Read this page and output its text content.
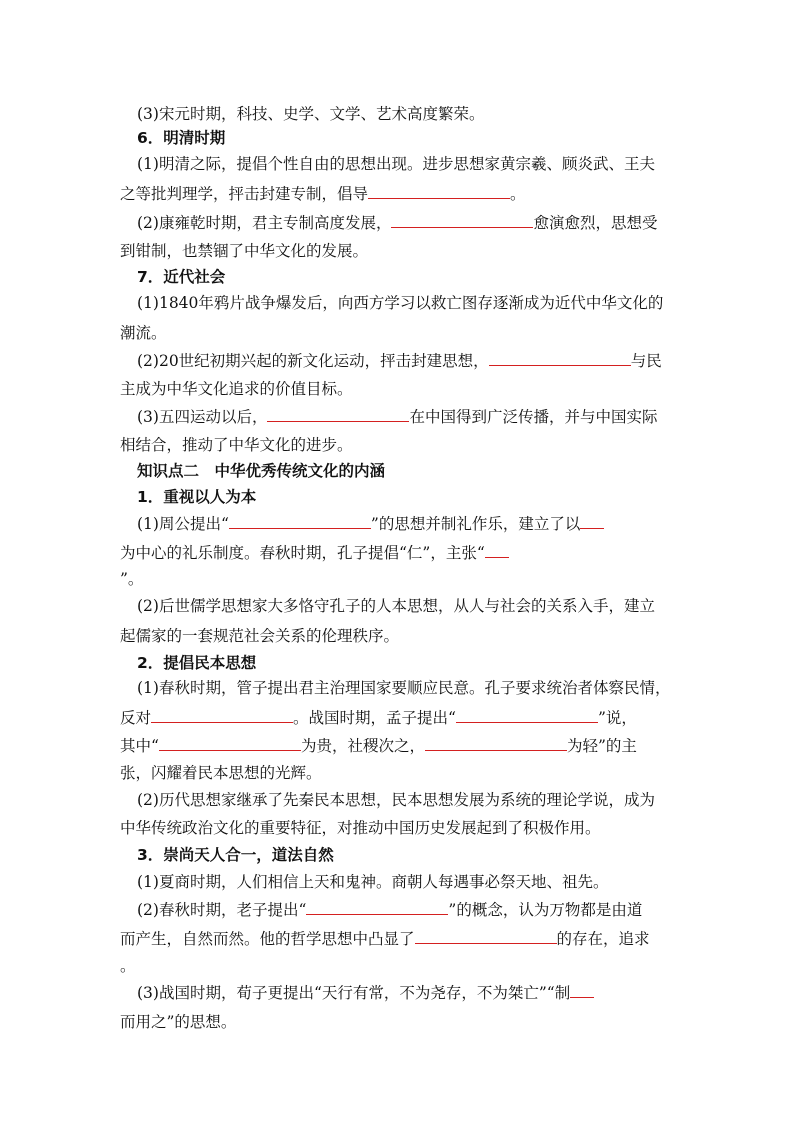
(3)宋元时期，科技、史学、文学、艺术高度繁荣。
6．明清时期
(1)明清之际，提倡个性自由的思想出现。进步思想家黄宗羲、顾炎武、王夫
之等批判理学，抨击封建专制，倡导	。
(2)康雍乾时期，君主专制高度发展，	愈演愈烈，思想受
到钳制，也禁锢了中华文化的发展。
7．近代社会
(1)1840年鸦片战争爆发后，向西方学习以救亡图存逐渐成为近代中华文化的
潮流。
(2)20世纪初期兴起的新文化运动，抨击封建思想，	与民
主成为中华文化追求的价值目标。
(3)五四运动以后，	在中国得到广泛传播，并与中国实际
相结合，推动了中华文化的进步。
知识点二　中华优秀传统文化的内涵
1．重视以人为本
(1)周公提出“	”的思想并制礼作乐，建立了以
为中心的礼乐制度。春秋时期，孔子提倡“仁”，主张“
”。
(2)后世儒学思想家大多恪守孔子的人本思想，从人与社会的关系入手，建立
起儒家的一套规范社会关系的伦理秩序。
2．提倡民本思想
(1)春秋时期，管子提出君主治理国家要顺应民意。孔子要求统治者体察民情，
反对	。战国时期，孟子提出“	”说，
其中“	为贵，社稷次之，	为轻”的主
张，闪耀着民本思想的光辉。
(2)历代思想家继承了先秦民本思想，民本思想发展为系统的理论学说，成为
中华传统政治文化的重要特征，对推动中国历史发展起到了积极作用。
3．崇尚天人合一，道法自然
(1)夏商时期，人们相信上天和鬼神。商朝人每遇事必祭天地、祖先。
(2)春秋时期，老子提出“	”的概念，认为万物都是由道
而产生，自然而然。他的哲学思想中凸显了	的存在，追求
。
(3)战国时期，荀子更提出“天行有常，不为尧存，不为桀亡”“制
而用之”的思想。
